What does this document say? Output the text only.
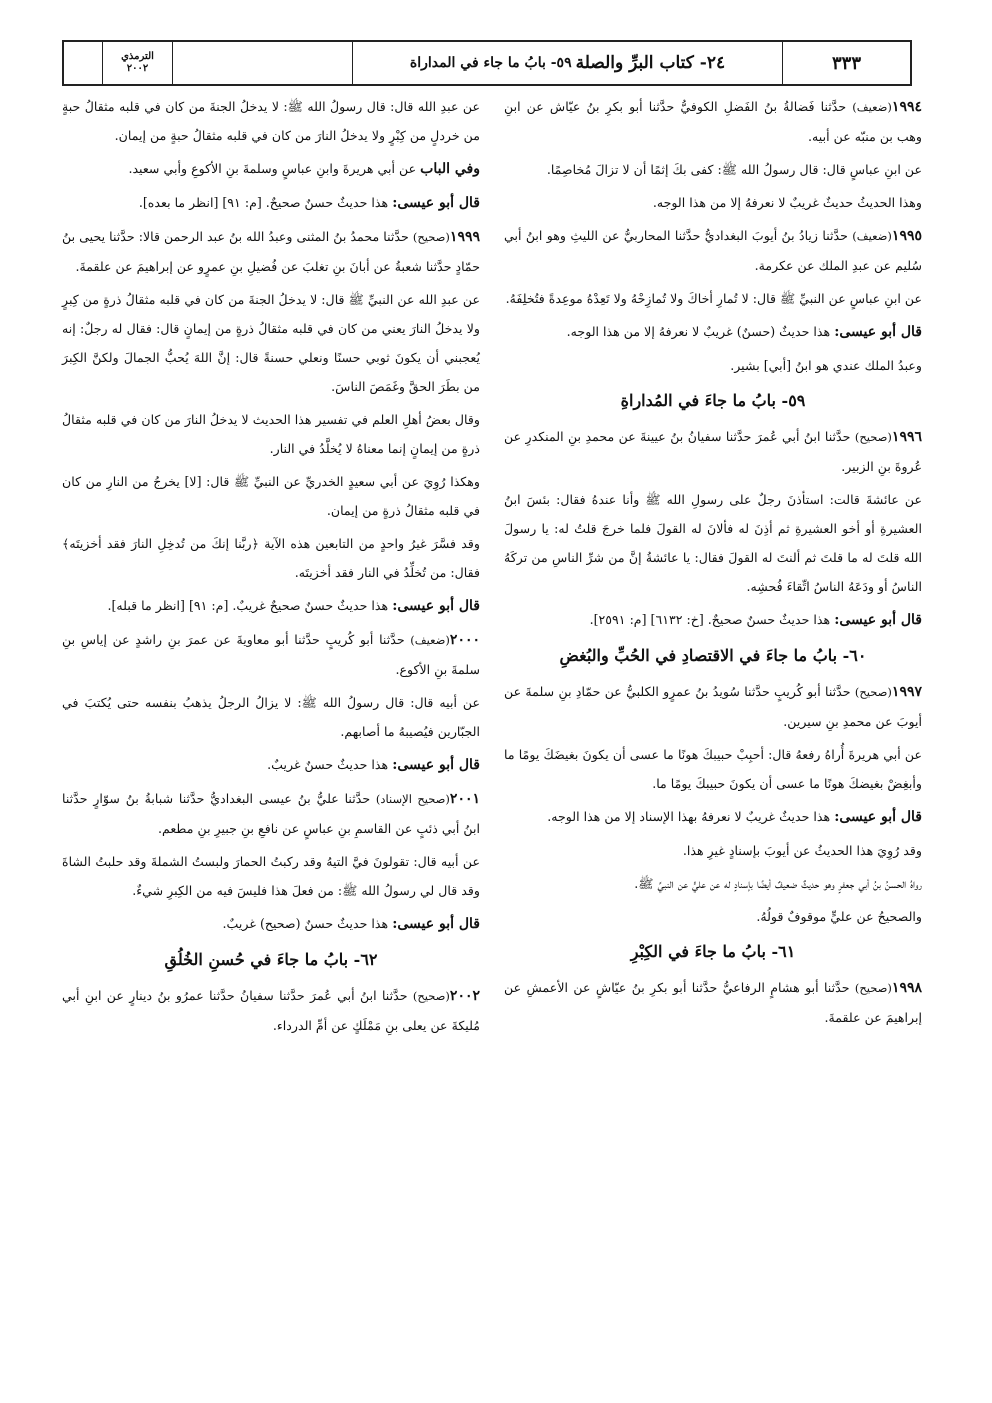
٣٣٣
٢٤- كتاب البرِّ والصلة
٥٩- بابُ ما جاء في المداراة
الترمذي
٢٠٠٢

١٩٩٤(ضعيف) حدَّثنا فَضالةُ بنُ الفَضلِ الكوفيُّ حدَّثنا أبو بكرِ بنُ عيّاش عن ابنِ وهب بن منبّه عن أبيه.

عن ابنِ عباسٍ قال: قال رسولُ الله ﷺ: كفى بكَ إثمًا أن لا تزالَ مُخاصِمًا.

وهذا الحديثُ حديثٌ غريبٌ لا نعرفهُ إلا من هذا الوجه.

١٩٩٥(ضعيف) حدَّثنا زيادُ بنُ أيوبَ البغداديُّ حدَّثنا المحاربيُّ عن الليثِ وهو ابنُ أبي سُليم عن عبدِ الملك عن عكرمة.

عن ابنِ عباسٍ عن النبيِّ ﷺ قال: لا تُمارِ أخاكَ ولا تُمازِحْهُ ولا تَعِدْهُ موعِدةً فتُخلِفَهُ.

قال أبو عيسى: هذا حديثٌ (حسنٌ) غريبٌ لا نعرفهُ إلا من هذا الوجه.

وعبدُ الملك عندي هو ابنُ [أبي] بشير.

٥٩- بابُ ما جاءَ في المُداراةِ

١٩٩٦(صحيح) حدَّثنا ابنُ أبي عُمرَ حدَّثنا سفيانُ بنُ عيينةَ عن محمدِ بنِ المنكدرِ عن عُروةَ بنِ الزبير.

عن عائشةَ قالت: استأذنَ رجلٌ على رسولِ الله ﷺ وأنا عندهُ فقال: بئسَ ابنُ العشيرةِ أو أخو العشيرةِ ثم أذِنَ له فألانَ له القولَ فلما خرجَ قلتُ له: يا رسولَ الله قلتَ له ما قلتَ ثم ألنتَ له القولَ فقال: يا عائشةُ إنَّ من شرِّ الناسِ من تركَهُ الناسُ أو ودَعَهُ الناسُ اتِّقاءَ فُحشِه.

قال أبو عيسى: هذا حديثٌ حسنٌ صحيحٌ. [خ: ٦١٣٢] [م: ٢٥٩١].

٦٠- بابُ ما جاءَ في الاقتصادِ في الحُبِّ والبُغضِ

١٩٩٧(صحيح) حدَّثنا أبو كُريبٍ حدَّثنا سُويدُ بنُ عمرٍو الكلبيُّ عن حمّادِ بنِ سلمةَ عن أيوبَ عن محمدِ بنِ سيرين.

عن أبي هريرةَ أُراهُ رفعهُ قال: أحبِبْ حبيبكَ هونًا ما عسى أن يكونَ بغيضَكَ يومًا ما وأبغِضْ بغيضكَ هونًا ما عسى أن يكونَ حبيبكَ يومًا ما.

قال أبو عيسى: هذا حديثٌ غريبٌ لا نعرفهُ بهذا الإسناد إلا من هذا الوجه.

وقد رُوِيَ هذا الحديثُ عن أيوبَ بإسنادٍ غيرِ هذا.

رواهُ الحسنُ بنُ أبي جعفرٍ وهو حديثٌ ضعيفٌ أيضًا بإسنادٍ له عن عليٍّ عن النبيِّ ﷺ.

والصحيحُ عن عليٍّ موقوفٌ قولُهُ.

٦١- بابُ ما جاءَ في الكِبْرِ

١٩٩٨(صحيح) حدَّثنا أبو هشامٍ الرفاعيُّ حدَّثنا أبو بكرِ بنُ عيّاشٍ عن الأعمشِ عن إبراهيمَ عن علقمةَ.

عن عبدِ الله قال: قال رسولُ الله ﷺ: لا يدخلُ الجنةَ من كان في قلبه مثقالُ حبةٍ من خردلٍ من كِبْرٍ ولا يدخلُ النارَ من كان في قلبه مثقالُ حبةٍ من إيمان.

وفي الباب عن أبي هريرةَ وابنِ عباسٍ وسلمةَ بنِ الأكوعِ وأبي سعيد.

قال أبو عيسى: هذا حديثٌ حسنٌ صحيحٌ. [م: ٩١] [انظر ما بعده].

١٩٩٩(صحيح) حدَّثنا محمدُ بنُ المثنى وعبدُ الله بنُ عبد الرحمن قالا: حدَّثنا يحيى بنُ حمّادٍ حدَّثنا شعبةُ عن أبانَ بنِ تغلبَ عن فُضيلِ بنِ عمرٍو عن إبراهيمَ عن علقمةَ.

عن عبدِ الله عن النبيِّ ﷺ قال: لا يدخلُ الجنةَ من كان في قلبه مثقالُ ذرةٍ من كِبرٍ ولا يدخلُ النارَ يعني من كان في قلبه مثقالُ ذرةٍ من إيمانٍ قال: فقال له رجلٌ: إنه يُعجبني أن يكونَ ثوبي حسنًا ونعلي حسنةً قال: إنَّ اللهَ يُحبُّ الجمالَ ولكنَّ الكِبرَ من بطَرَ الحقَّ وغَمَصَ الناسَ.

وقال بعضُ أهلِ العلم في تفسير هذا الحديث لا يدخلُ النارَ من كان في قلبه مثقالُ ذرةٍ من إيمانٍ إنما معناهُ لا يُخلَّدُ في النار.

وهكذا رُوِيَ عن أبي سعيدٍ الخدريِّ عن النبيِّ ﷺ قال: [لا] يخرجُ من النارِ من كان في قلبه مثقالُ ذرةٍ من إيمان.

وقد فسَّرَ غيرُ واحدٍ من التابعين هذه الآية ﴿ربَّنا إنكَ من تُدخِلِ النارَ فقد أخزيتَه﴾ فقال: من تُخلِّدُ في النار فقد أخزيتَه.

قال أبو عيسى: هذا حديثٌ حسنٌ صحيحٌ غريبٌ. [م: ٩١] [انظر ما قبله].

٢٠٠٠(ضعيف) حدَّثنا أبو كُريبٍ حدَّثنا أبو معاويةَ عن عمرَ بنِ راشدٍ عن إياسِ بنِ سلمةَ بنِ الأكوع.

عن أبيه قال: قال رسولُ الله ﷺ: لا يزالُ الرجلُ يذهبُ بنفسه حتى يُكتبَ في الجبّارين فيُصيبهُ ما أصابهم.

قال أبو عيسى: هذا حديثٌ حسنٌ غريبٌ.

٢٠٠١(صحيح الإسناد) حدَّثنا عليُّ بنُ عيسى البغداديُّ حدَّثنا شبابةُ بنُ سوّارٍ حدَّثنا ابنُ أبي ذئبٍ عن القاسمِ بنِ عباسٍ عن نافعِ بنِ جبيرِ بنِ مطعم.

عن أبيه قال: تقولونَ فيَّ التيهُ وقد ركبتُ الحمارَ ولبستُ الشملةَ وقد حلبتُ الشاةَ وقد قال لي رسولُ الله ﷺ: من فعلَ هذا فليسَ فيه من الكِبرِ شيءٌ.

قال أبو عيسى: هذا حديثٌ حسنٌ (صحيح) غريبٌ.

٦٢- بابُ ما جاءَ في حُسنِ الخُلُقِ

٢٠٠٢(صحيح) حدَّثنا ابنُ أبي عُمرَ حدَّثنا سفيانُ حدَّثنا عمرُو بنُ دينارٍ عن ابنِ أبي مُليكةَ عن يعلى بنِ مَمْلَكٍ عن أمِّ الدرداء.
